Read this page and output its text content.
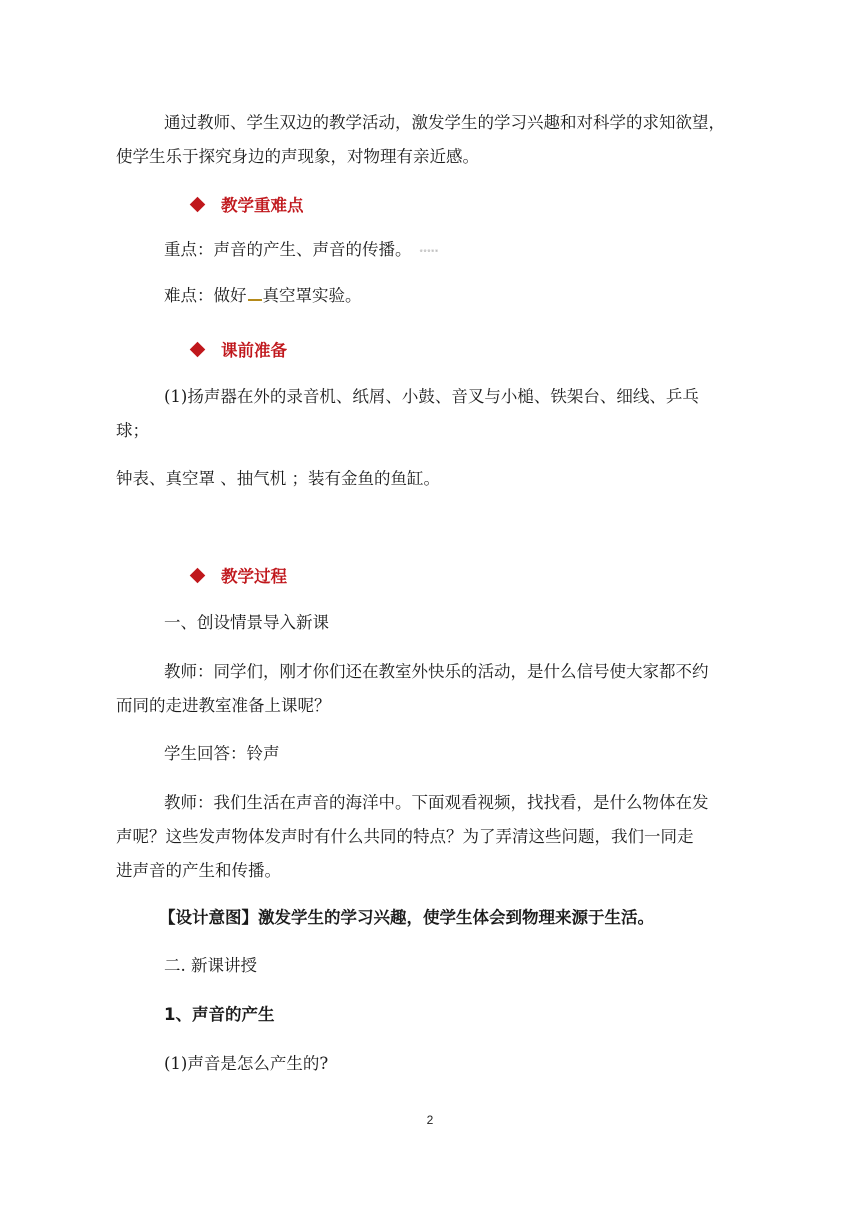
通过教师、学生双边的教学活动，激发学生的学习兴趣和对科学的求知欲望，
使学生乐于探究身边的声现象，对物理有亲近感。
教学重难点
重点：声音的产生、声音的传播。 ※※※※※
难点：做好 真空罩实验。
课前准备
(1)扬声器在外的录音机、纸屑、小鼓、音叉与小槌、铁架台、细线、乒乓
球；
钟表、真空罩 、抽气机 ；装有金鱼的鱼缸。
教学过程
一、创设情景导入新课
教师：同学们，刚才你们还在教室外快乐的活动，是什么信号使大家都不约
而同的走进教室准备上课呢？
学生回答：铃声
教师：我们生活在声音的海洋中。下面观看视频，找找看，是什么物体在发
声呢？这些发声物体发声时有什么共同的特点？为了弄清这些问题，我们一同走
进声音的产生和传播。
【设计意图】激发学生的学习兴趣，使学生体会到物理来源于生活。
二. 新课讲授
1、声音的产生
(1)声音是怎么产生的?
2
